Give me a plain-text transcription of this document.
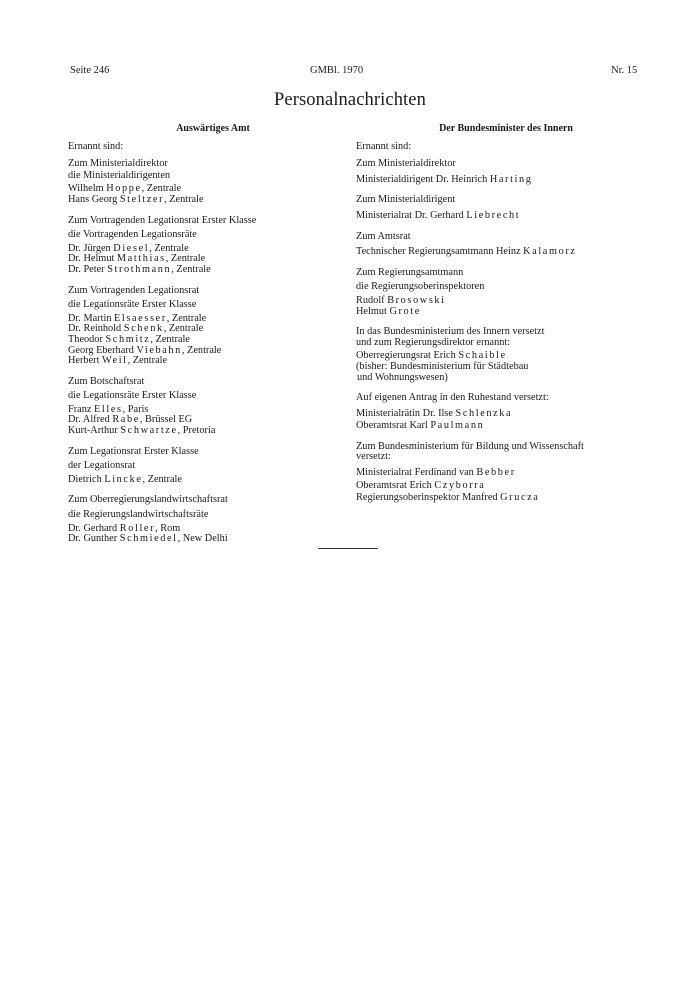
Seite 246	GMBl. 1970	Nr. 15
Personalnachrichten
Auswärtiges Amt
Ernannt sind:
Zum Ministerialdirektor
die Ministerialdirigenten
Wilhelm Hoppe, Zentrale
Hans Georg Steltzer, Zentrale
Zum Vortragenden Legationsrat Erster Klasse
die Vortragenden Legationsräte
Dr. Jürgen Diesel, Zentrale
Dr. Helmut Matthias, Zentrale
Dr. Peter Strothmann, Zentrale
Zum Vortragenden Legationsrat
die Legationsräte Erster Klasse
Dr. Martin Elsaesser, Zentrale
Dr. Reinhold Schenk, Zentrale
Theodor Schmitz, Zentrale
Georg Eberhard Viebahn, Zentrale
Herbert Weil, Zentrale
Zum Botschaftsrat
die Legationsräte Erster Klasse
Franz Elles, Paris
Dr. Alfred Rabe, Brüssel EG
Kurt-Arthur Schwartze, Pretoria
Zum Legationsrat Erster Klasse
der Legationsrat
Dietrich Lincke, Zentrale
Zum Oberregierungslandwirtschaftsrat
die Regierungslandwirtschaftsräte
Dr. Gerhard Roller, Rom
Dr. Gunther Schmiedel, New Delhi
Der Bundesminister des Innern
Ernannt sind:
Zum Ministerialdirektor
Ministerialdirigent Dr. Heinrich Harting
Zum Ministerialdirigent
Ministerialrat Dr. Gerhard Liebrecht
Zum Amtsrat
Technischer Regierungsamtmann Heinz Kalamorz
Zum Regierungsamtmann
die Regierungsoberinspektoren
Rudolf Brosowski
Helmut Grote
In das Bundesministerium des Innern versetzt
und zum Regierungsdirektor ernannt:
Oberregierungsrat Erich Schaible
(bisher: Bundesministerium für Städtebau
und Wohnungswesen)
Auf eigenen Antrag in den Ruhestand versetzt:
Ministerialrätin Dr. Ilse Schlenzka
Oberamtsrat Karl Paulmann
Zum Bundesministerium für Bildung und Wissenschaft
versetzt:
Ministerialrat Ferdinand van Bebber
Oberamtsrat Erich Czyborra
Regierungsoberinspektor Manfred Grucza
